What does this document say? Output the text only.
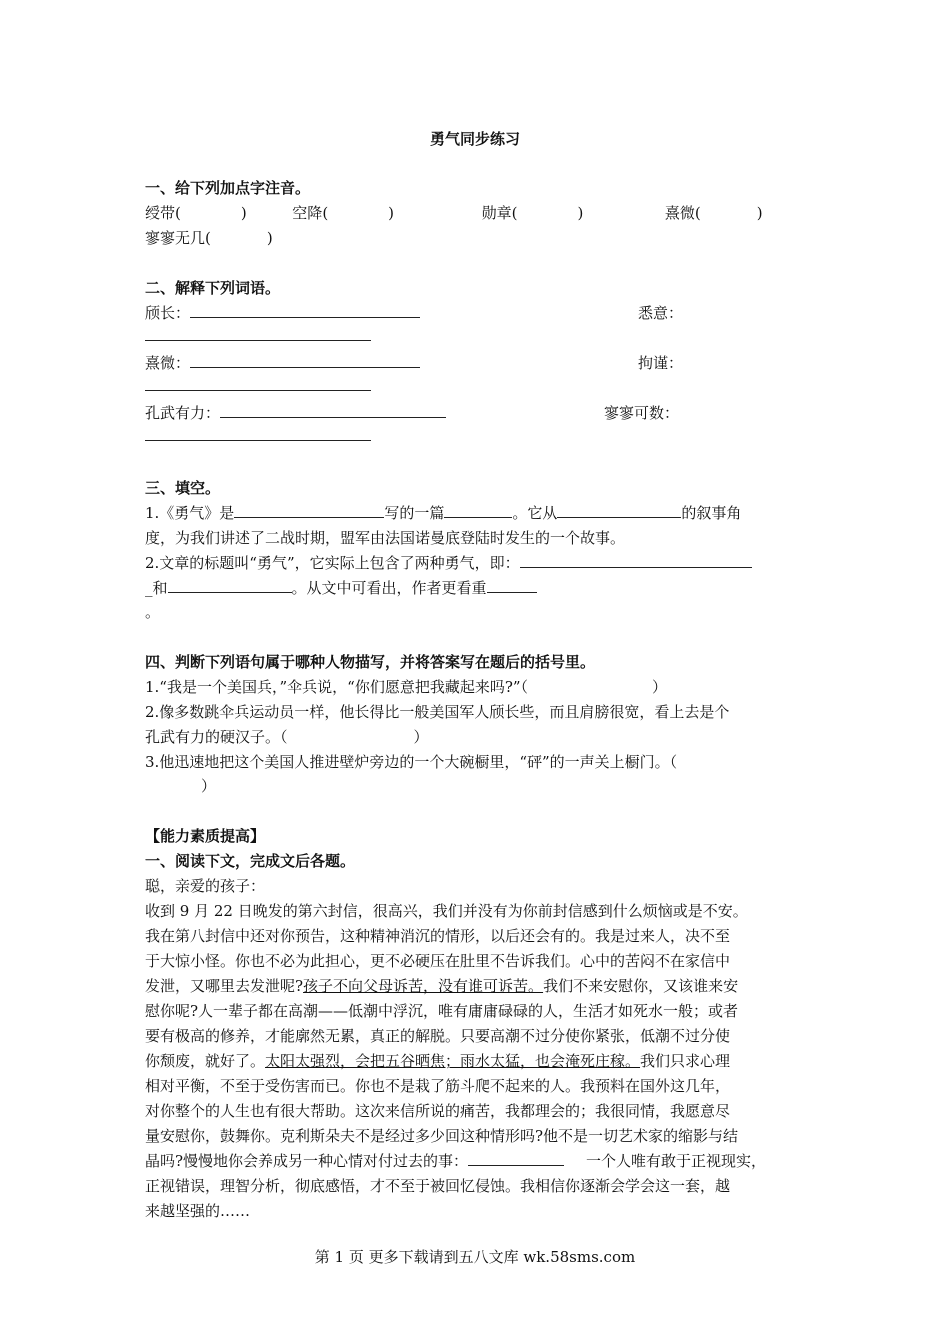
勇气同步练习
一、给下列加点字注音。
绶带(	)	空降(	)	勋章(	)	熹微(	)
寥寥无几(	)
二、解释下列词语。
颀长：	悉意：
熹微：	拘谨：
孔武有力：	寥寥可数：
三、填空。
1.《勇气》是	写的一篇	。它从	的叙事角
度，为我们讲述了二战时期，盟军由法国诺曼底登陆时发生的一个故事。
2.文章的标题叫“勇气”，它实际上包含了两种勇气，即：
_和	。从文中可看出，作者更看重
。
四、判断下列语句属于哪种人物描写，并将答案写在题后的括号里。
1.“我是一个美国兵，”伞兵说，“你们愿意把我藏起来吗?”（	）
2.像多数跳伞兵运动员一样，他长得比一般美国军人颀长些，而且肩膀很宽，看上去是个
孔武有力的硬汉子。（	）
3.他迅速地把这个美国人推进壁炉旁边的一个大碗橱里，“砰”的一声关上橱门。（
）
【能力素质提高】
一、阅读下文，完成文后各题。
聪，亲爱的孩子：
收到 9 月 22 日晚发的第六封信，很高兴，我们并没有为你前封信感到什么烦恼或是不安。
我在第八封信中还对你预告，这种精神消沉的情形，以后还会有的。我是过来人，决不至
于大惊小怪。你也不必为此担心，更不必硬压在肚里不告诉我们。心中的苦闷不在家信中
发泄，又哪里去发泄呢?孩子不向父母诉苦，没有谁可诉苦。我们不来安慰你，又该谁来安
慰你呢?人一辈子都在高潮——低潮中浮沉，唯有庸庸碌碌的人，生活才如死水一般；或者
要有极高的修养，才能廓然无累，真正的解脱。只要高潮不过分使你紧张，低潮不过分使
你颓废，就好了。太阳太强烈，会把五谷晒焦；雨水太猛，也会淹死庄稼。我们只求心理
相对平衡，不至于受伤害而已。你也不是栽了筋斗爬不起来的人。我预料在国外这几年，
对你整个的人生也有很大帮助。这次来信所说的痛苦，我都理会的；我很同情，我愿意尽
量安慰你，鼓舞你。克利斯朵夫不是经过多少回这种情形吗?他不是一切艺术家的缩影与结
晶吗?慢慢地你会养成另一种心情对付过去的事：	一个人唯有敢于正视现实，
正视错误，理智分析，彻底感悟，才不至于被回忆侵蚀。我相信你逐渐会学会这一套，越
来越坚强的……
第 1 页 更多下载请到五八文库 wk.58sms.com
